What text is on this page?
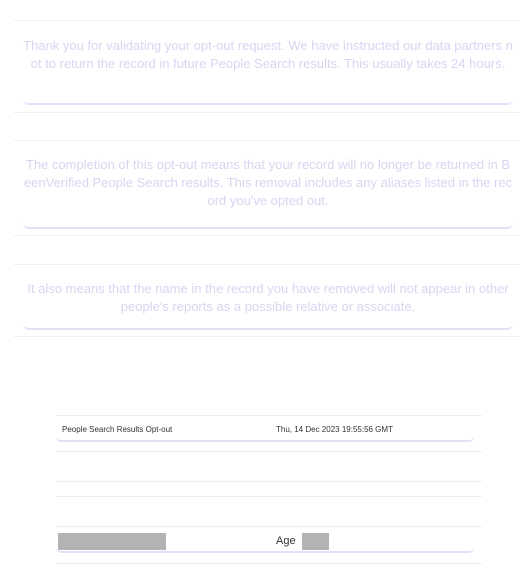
Thank you for validating your opt-out request. We have instructed our data partners not to return the record in future People Search results. This usually takes 24 hours.
The completion of this opt-out means that your record will no longer be returned in BeenVerified People Search results. This removal includes any aliases listed in the record you've opted out.
It also means that the name in the record you have removed will not appear in other people's reports as a possible relative or associate.
People Search Results Opt-out	Thu, 14 Dec 2023 19:55:56 GMT
Age
